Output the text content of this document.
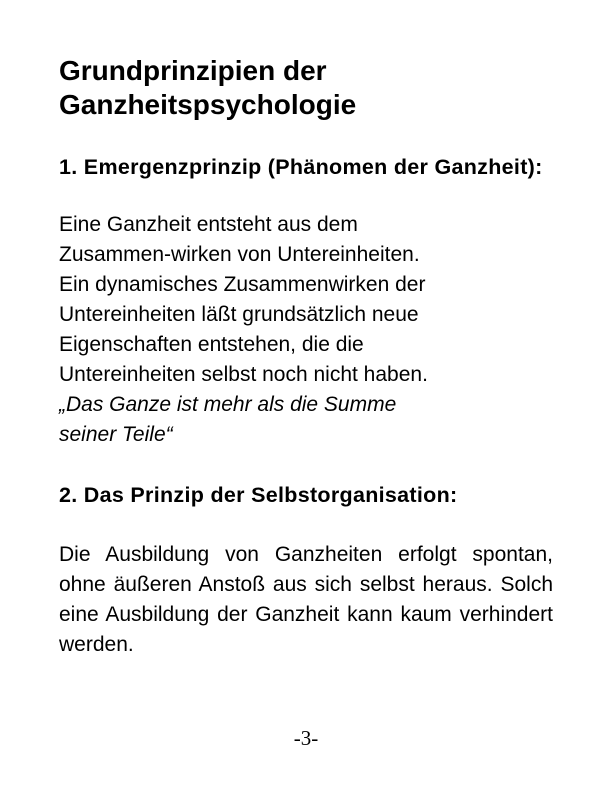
Grundprinzipien der
Ganzheitspsychologie
1. Emergenzprinzip (Phänomen der Ganzheit):

Eine Ganzheit entsteht aus dem
Zusammen-wirken von Untereinheiten.
Ein dynamisches Zusammenwirken der
Untereinheiten läßt grundsätzlich neue
Eigenschaften entstehen, die die
Untereinheiten selbst noch nicht haben.
„Das Ganze ist mehr als die Summe
seiner Teile“

2. Das Prinzip der Selbstorganisation:

Die Ausbildung von Ganzheiten erfolgt spontan, ohne äußeren Anstoß aus sich selbst heraus. Solch eine Ausbildung der Ganzheit kann kaum verhindert werden.

-3-
